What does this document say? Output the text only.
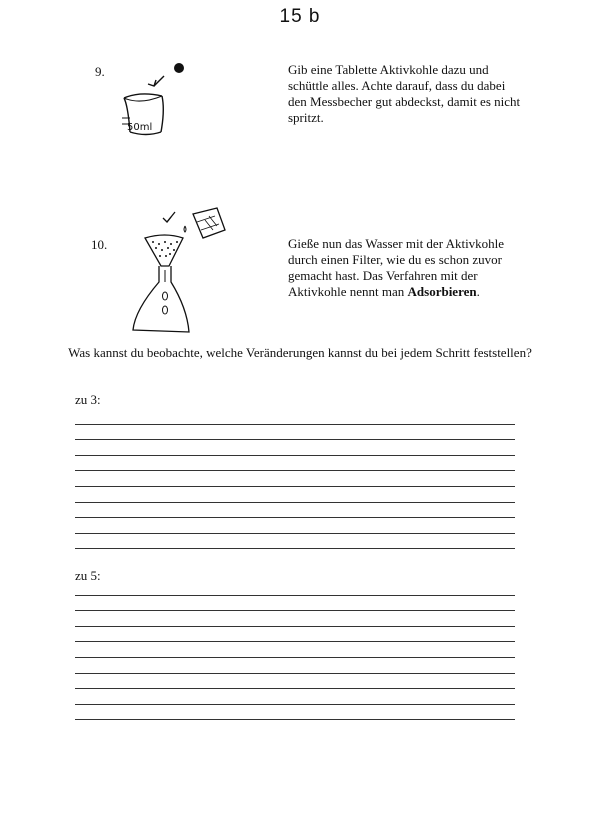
15 b
9.
50ml
Gib eine Tablette Aktivkohle dazu und schüttle alles. Achte darauf, dass du dabei den Messbecher gut abdeckst, damit es nicht spritzt.
10.	Gieße nun das Wasser mit der Aktivkohle durch einen Filter, wie du es schon zuvor gemacht hast. Das Verfahren mit der Aktivkohle nennt man Adsorbieren.
Was kannst du beobachte, welche Veränderungen kannst du bei jedem Schritt feststellen?
zu 3:
zu 5:
